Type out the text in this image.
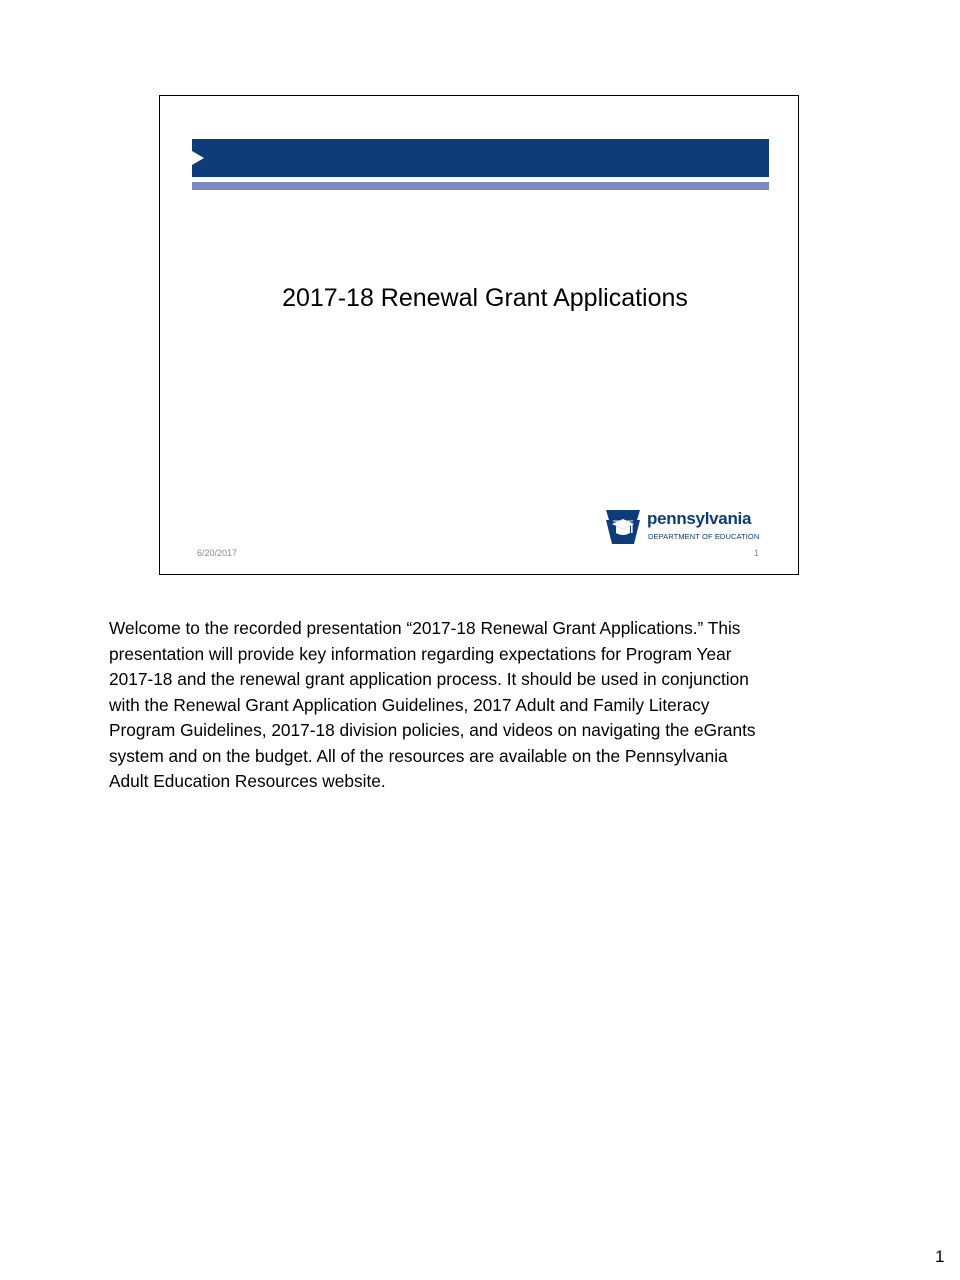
2017-18 Renewal Grant Applications
pennsylvania
DEPARTMENT OF EDUCATION
6/20/2017	1
Welcome to the recorded presentation “2017-18 Renewal Grant Applications.” This
presentation will provide key information regarding expectations for Program Year
2017-18 and the renewal grant application process. It should be used in conjunction
with the Renewal Grant Application Guidelines, 2017 Adult and Family Literacy
Program Guidelines, 2017-18 division policies, and videos on navigating the eGrants
system and on the budget. All of the resources are available on the Pennsylvania
Adult Education Resources website.
1
